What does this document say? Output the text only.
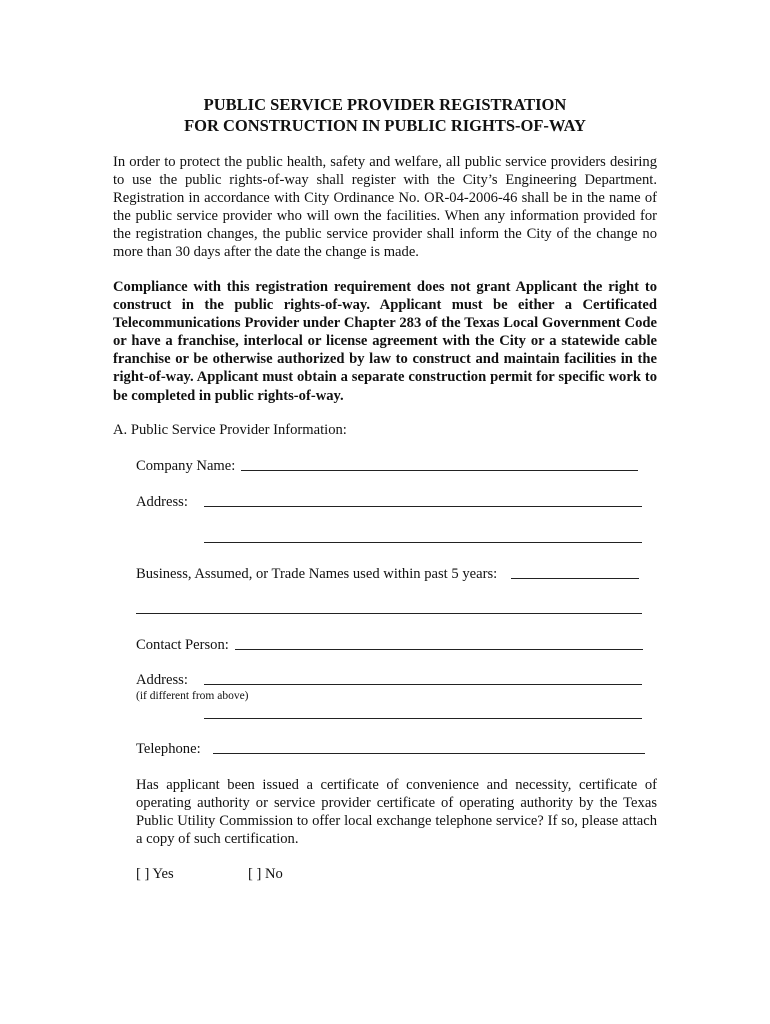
PUBLIC SERVICE PROVIDER REGISTRATION
FOR CONSTRUCTION IN PUBLIC RIGHTS-OF-WAY

In order to protect the public health, safety and welfare, all public service providers desiring to use the public rights-of-way shall register with the City’s Engineering Department. Registration in accordance with City Ordinance No. OR-04-2006-46 shall be in the name of the public service provider who will own the facilities. When any information provided for the registration changes, the public service provider shall inform the City of the change no more than 30 days after the date the change is made.

Compliance with this registration requirement does not grant Applicant the right to construct in the public rights-of-way. Applicant must be either a Certificated Telecommunications Provider under Chapter 283 of the Texas Local Government Code or have a franchise, interlocal or license agreement with the City or a statewide cable franchise or be otherwise authorized by law to construct and maintain facilities in the right-of-way. Applicant must obtain a separate construction permit for specific work to be completed in public rights-of-way.

A. Public Service Provider Information:
Company Name:
Address:
Business, Assumed, or Trade Names used within past 5 years:
Contact Person:
Address:
(if different from above)
Telephone:

Has applicant been issued a certificate of convenience and necessity, certificate of operating authority or service provider certificate of operating authority by the Texas Public Utility Commission to offer local exchange telephone service? If so, please attach a copy of such certification.

[ ] Yes	[ ] No
